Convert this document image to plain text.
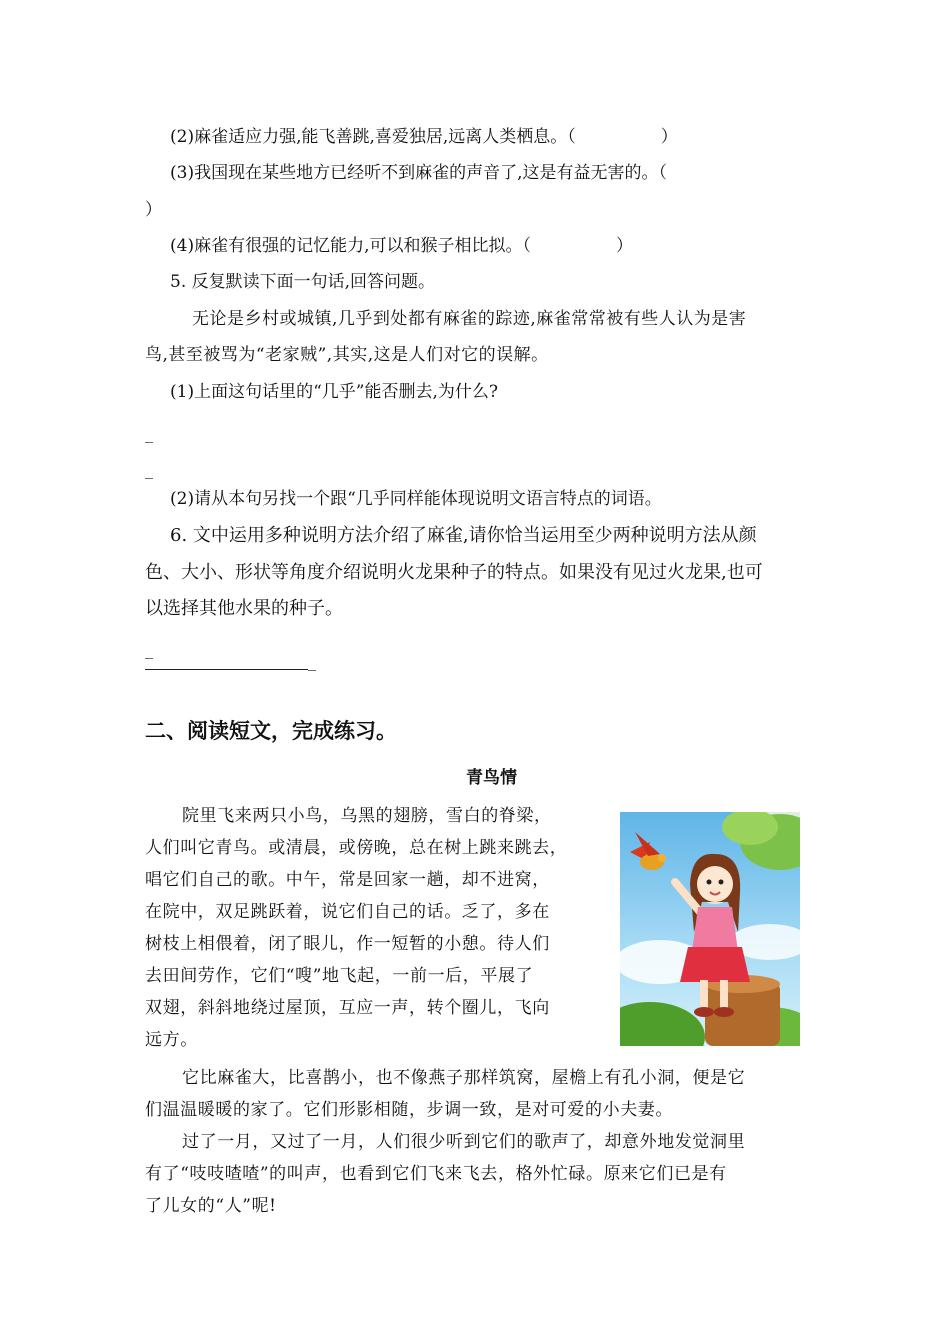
(2)麻雀适应力强,能飞善跳,喜爱独居,远离人类栖息。（　　　　　）
(3)我国现在某些地方已经听不到麻雀的声音了,这是有益无害的。（
）
(4)麻雀有很强的记忆能力,可以和猴子相比拟。（　　　　　）
5. 反复默读下面一句话,回答问题。
无论是乡村或城镇,几乎到处都有麻雀的踪迹,麻雀常常被有些人认为是害
鸟,甚至被骂为“老家贼”,其实,这是人们对它的误解。
(1)上面这句话里的“几乎”能否删去,为什么?
_
_
(2)请从本句另找一个跟“几乎同样能体现说明文语言特点的词语。
6. 文中运用多种说明方法介绍了麻雀,请你恰当运用至少两种说明方法从颜
色、大小、形状等角度介绍说明火龙果种子的特点。如果没有见过火龙果,也可
以选择其他水果的种子。
_
_
二、阅读短文，完成练习。
青鸟情
院里飞来两只小鸟，乌黑的翅膀，雪白的脊梁，
人们叫它青鸟。或清晨，或傍晚，总在树上跳来跳去，
唱它们自己的歌。中午，常是回家一趟，却不进窝，
在院中，双足跳跃着，说它们自己的话。乏了，多在
树枝上相偎着，闭了眼儿，作一短暂的小憩。待人们
去田间劳作，它们“嗖”地飞起，一前一后，平展了
双翅，斜斜地绕过屋顶，互应一声，转个圈儿，飞向
远方。
它比麻雀大，比喜鹊小，也不像燕子那样筑窝，屋檐上有孔小洞，便是它
们温温暖暖的家了。它们形影相随，步调一致，是对可爱的小夫妻。
过了一月，又过了一月，人们很少听到它们的歌声了，却意外地发觉洞里
有了“吱吱喳喳”的叫声，也看到它们飞来飞去，格外忙碌。原来它们已是有
了儿女的“人”呢!
